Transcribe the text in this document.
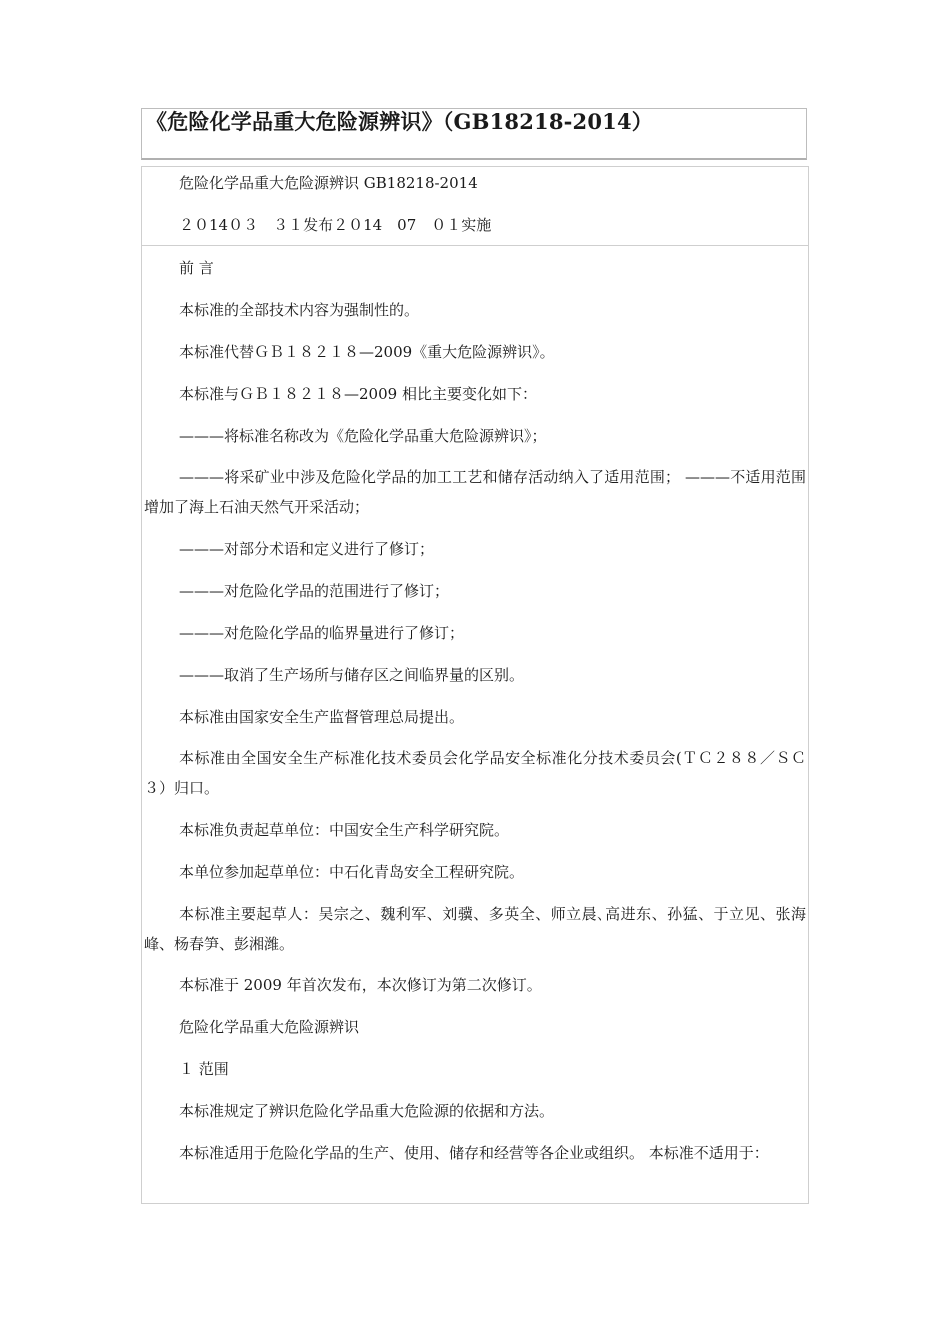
《危险化学品重大危险源辨识》（GB18218-2014）

危险化学品重大危险源辨识 GB18218-2014

２０14０３　３１发布２０14　07　０１实施

前 言

本标准的全部技术内容为强制性的。

本标准代替ＧＢ１８２１８—2009《重大危险源辨识》。

本标准与ＧＢ１８２１８—2009 相比主要变化如下：

———将标准名称改为《危险化学品重大危险源辨识》；

———将采矿业中涉及危险化学品的加工工艺和储存活动纳入了适用范围； ———不适用范围增加了海上石油天然气开采活动；

———对部分术语和定义进行了修订；

———对危险化学品的范围进行了修订；

———对危险化学品的临界量进行了修订；

———取消了生产场所与储存区之间临界量的区别。

本标准由国家安全生产监督管理总局提出。

本标准由全国安全生产标准化技术委员会化学品安全标准化分技术委员会(ＴＣ２８８／ＳＣ３）归口。

本标准负责起草单位：中国安全生产科学研究院。

本单位参加起草单位：中石化青岛安全工程研究院。

本标准主要起草人：吴宗之、魏利军、刘骥、多英全、师立晨､高进东、孙猛、于立见、张海峰、杨春笋、彭湘潍。

本标准于 2009 年首次发布，本次修订为第二次修订。

危险化学品重大危险源辨识

１ 范围

本标准规定了辨识危险化学品重大危险源的依据和方法。

本标准适用于危险化学品的生产、使用、储存和经营等各企业或组织。 本标准不适用于：
